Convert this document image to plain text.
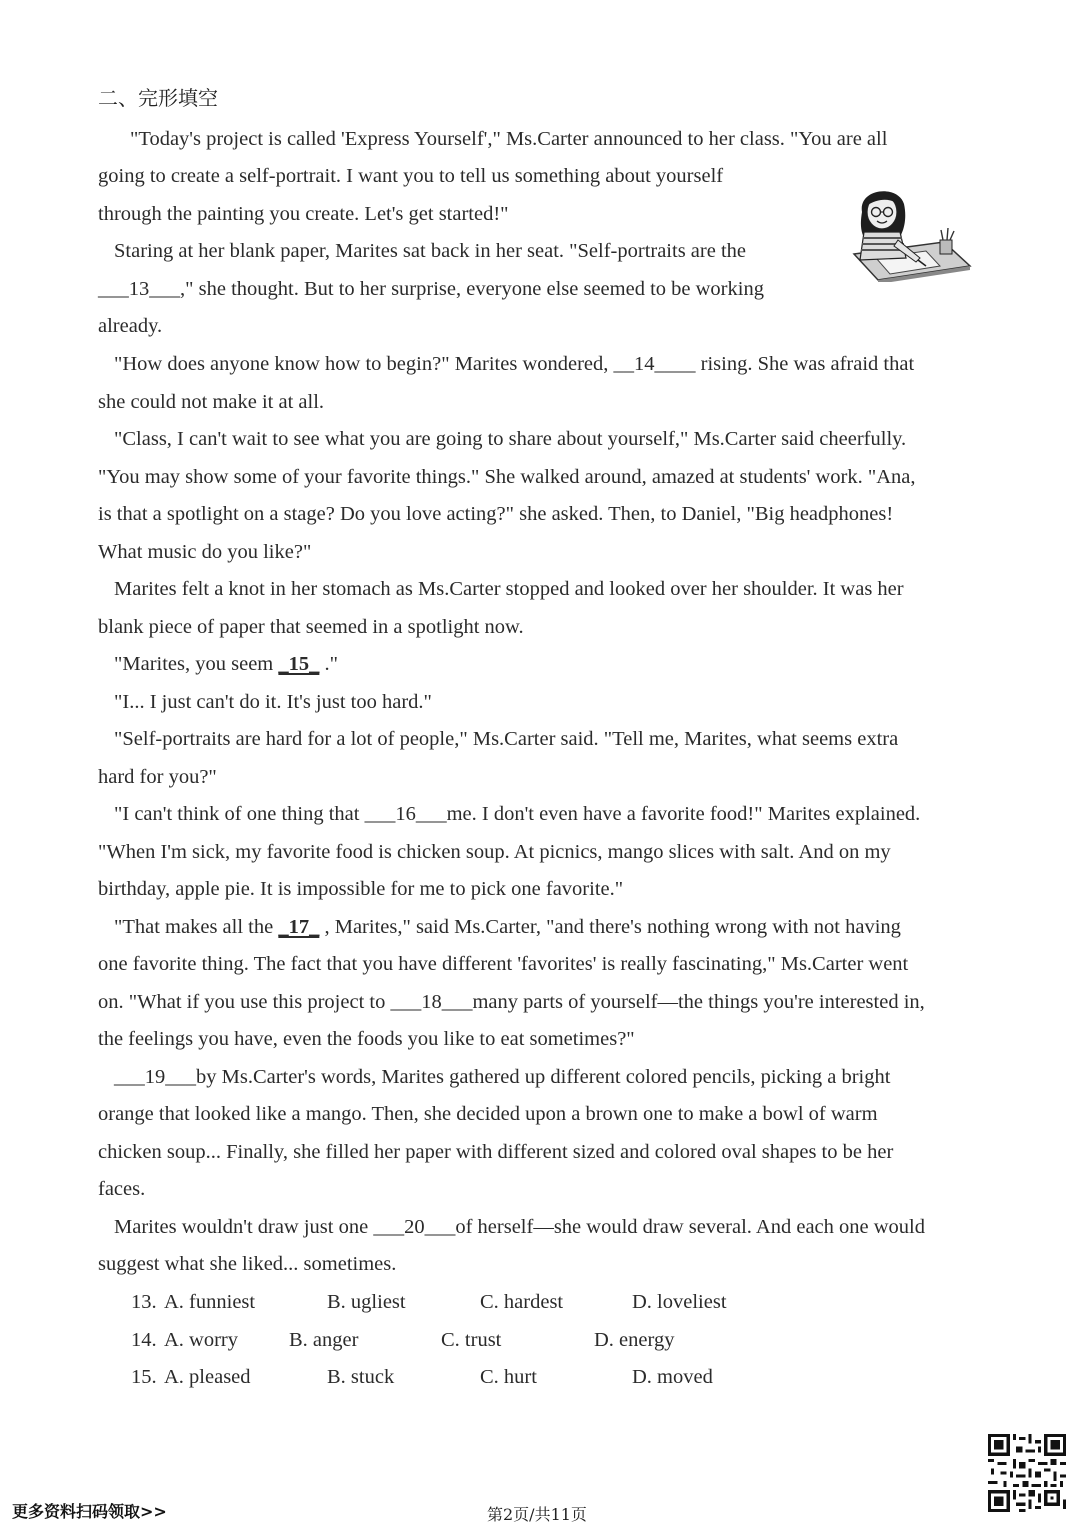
二、完形填空
"Today's project is called 'Express Yourself'," Ms.Carter announced to her class. "You are all
going to create a self-portrait. I want you to tell us something about yourself
through the painting you create. Let's get started!"
Staring at her blank paper, Marites sat back in her seat. "Self-portraits are the
___13___," she thought. But to her surprise, everyone else seemed to be working
already.
"How does anyone know how to begin?" Marites wondered, __14____ rising. She was afraid that
she could not make it at all.
"Class, I can't wait to see what you are going to share about yourself," Ms.Carter said cheerfully.
"You may show some of your favorite things." She walked around, amazed at students' work. "Ana,
is that a spotlight on a stage? Do you love acting?" she asked. Then, to Daniel, "Big headphones!
What music do you like?"
Marites felt a knot in her stomach as Ms.Carter stopped and looked over her shoulder. It was her
blank piece of paper that seemed in a spotlight now.
"Marites, you seem _15_ ."
"I... I just can't do it. It's just too hard."
"Self-portraits are hard for a lot of people," Ms.Carter said. "Tell me, Marites, what seems extra
hard for you?"
"I can't think of one thing that ___16___me. I don't even have a favorite food!" Marites explained.
"When I'm sick, my favorite food is chicken soup. At picnics, mango slices with salt. And on my
birthday, apple pie. It is impossible for me to pick one favorite."
"That makes all the _17_ , Marites," said Ms.Carter, "and there's nothing wrong with not having
one favorite thing. The fact that you have different 'favorites' is really fascinating," Ms.Carter went
on. "What if you use this project to ___18___many parts of yourself—the things you're interested in,
the feelings you have, even the foods you like to eat sometimes?"
___19___by Ms.Carter's words, Marites gathered up different colored pencils, picking a bright
orange that looked like a mango. Then, she decided upon a brown one to make a bowl of warm
chicken soup... Finally, she filled her paper with different sized and colored oval shapes to be her
faces.
Marites wouldn't draw just one ___20___of herself—she would draw several. And each one would
suggest what she liked... sometimes.
13. A. funniest	B. ugliest	C. hardest	D. loveliest
14. A. worry B. anger	C. trust	D. energy
15. A. pleased	B. stuck	C. hurt	D. moved
更多资料扫码领取>>	第2页/共11页
